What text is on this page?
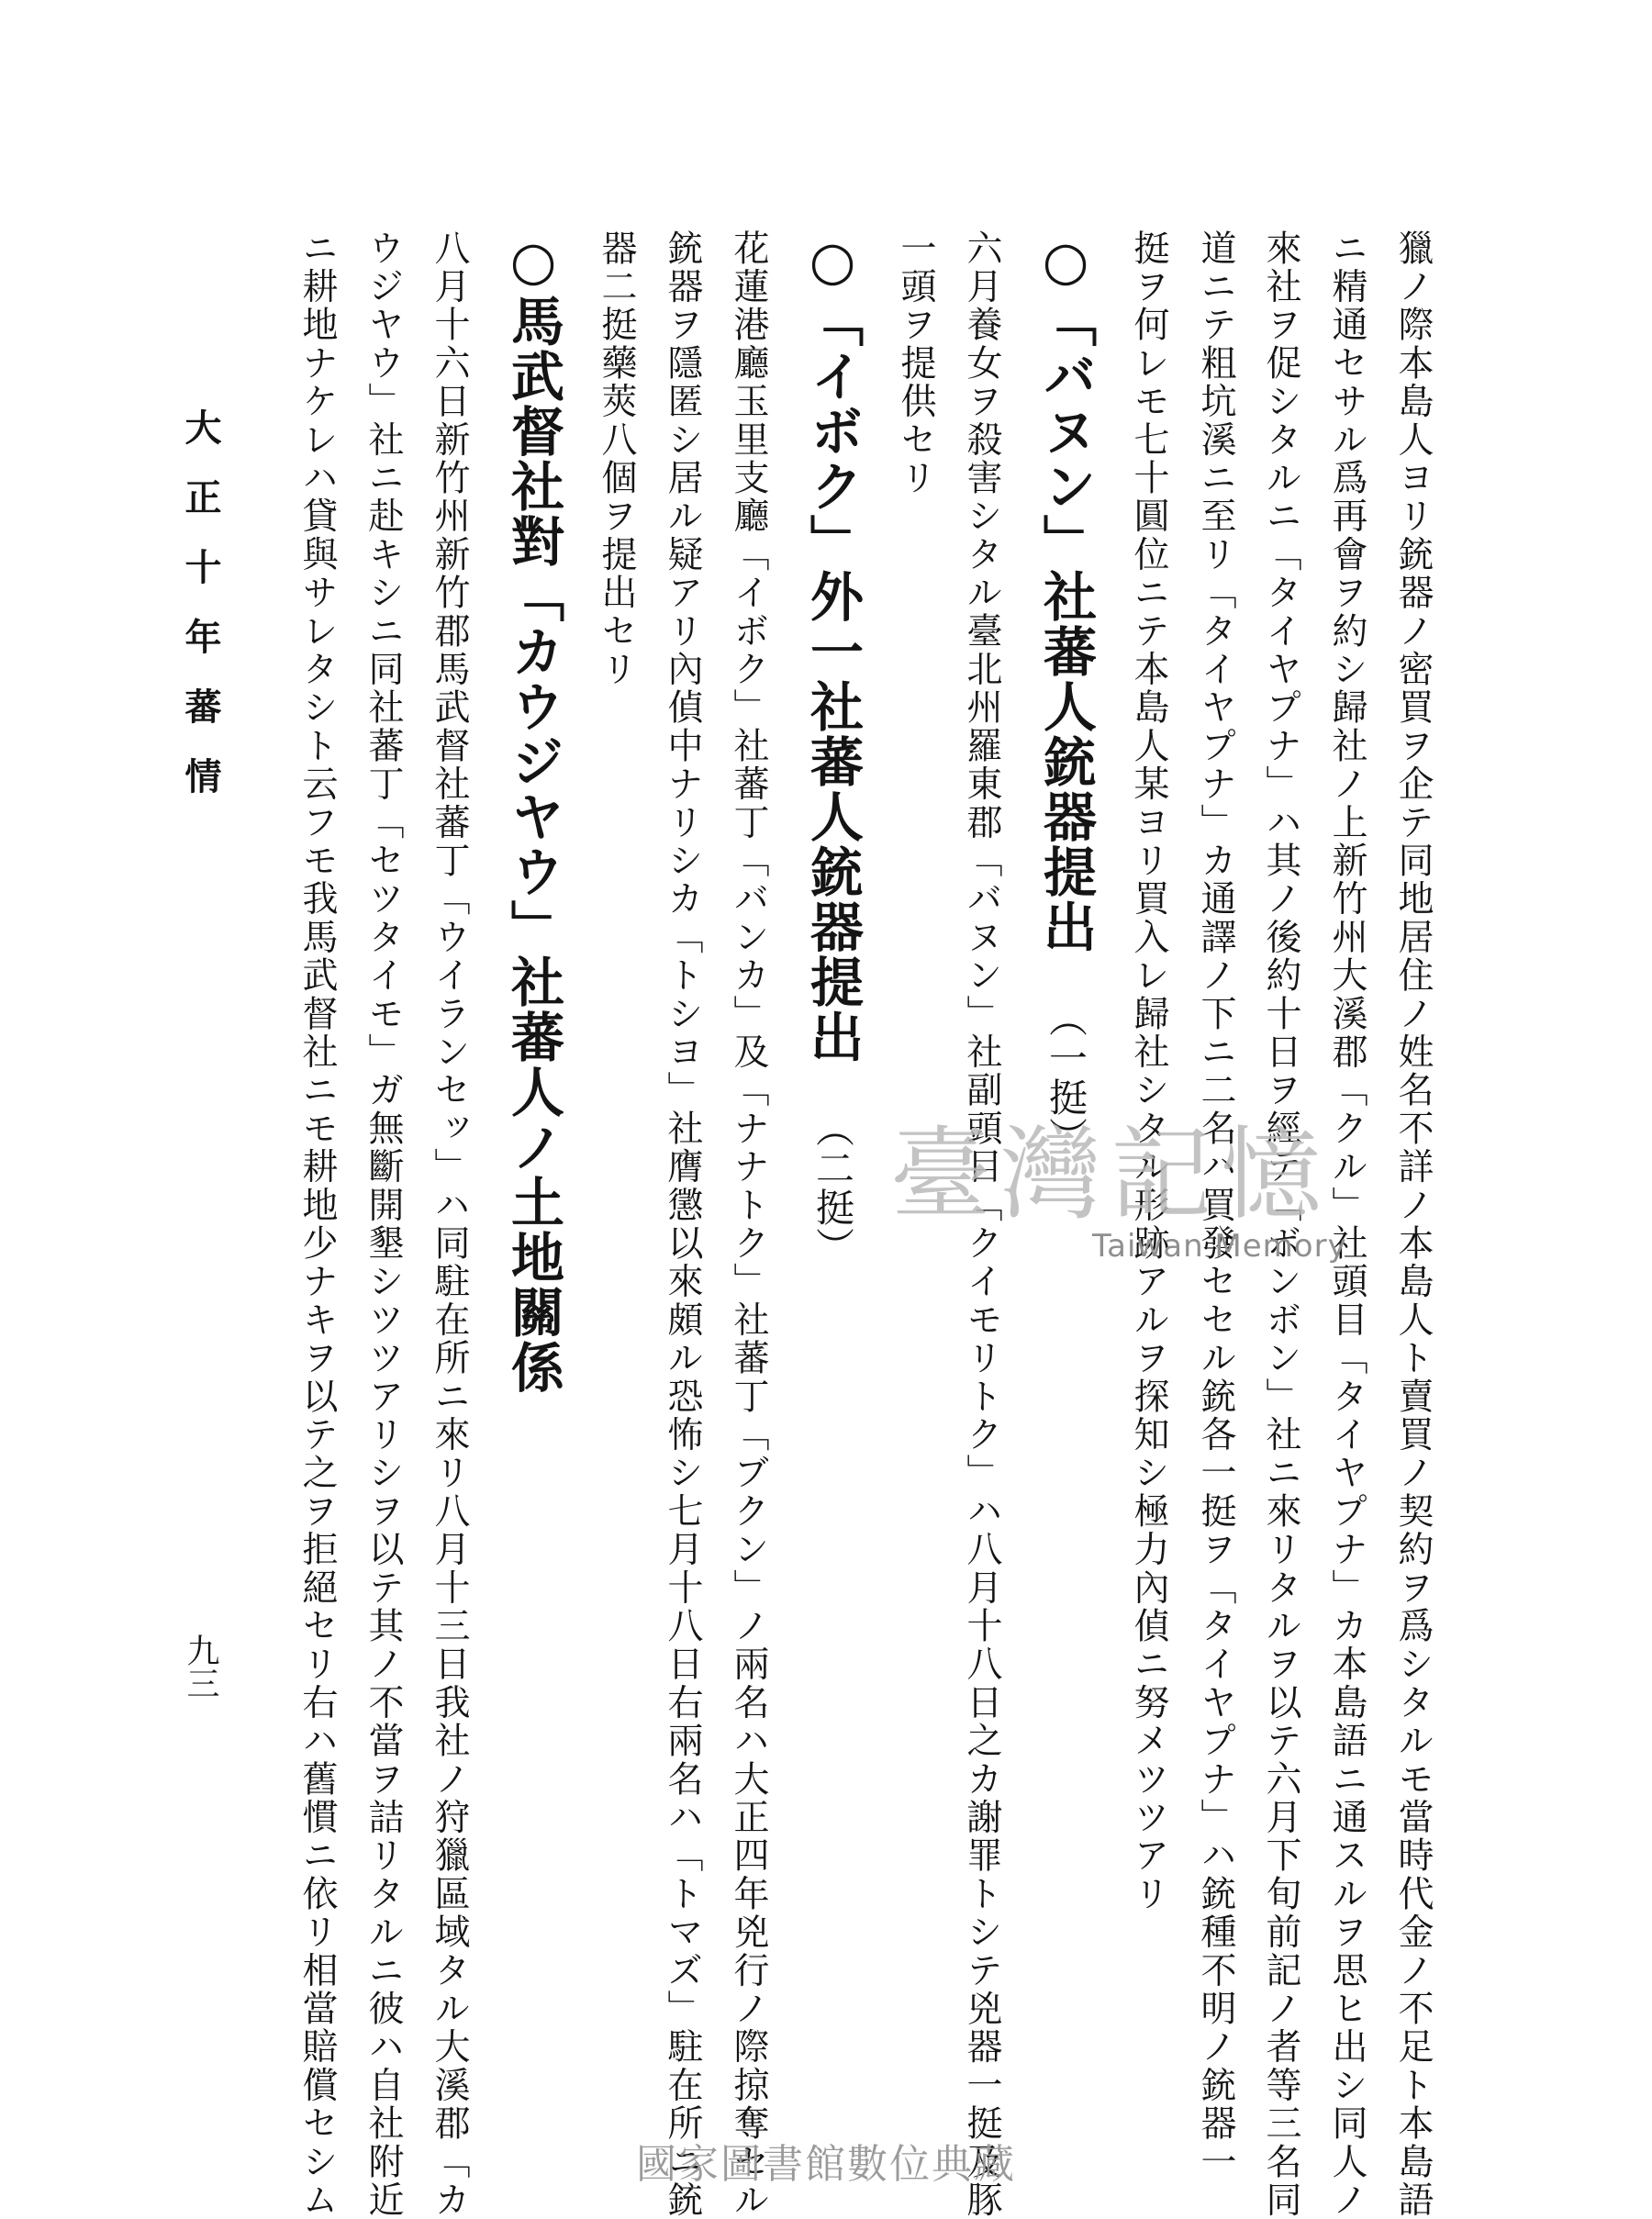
獵ノ際本島人ヨリ銃器ノ密買ヲ企テ同地居住ノ姓名不詳ノ本島人ト賣買ノ契約ヲ爲シタルモ當時代金ノ不足ト本島語
ニ精通セサル爲再會ヲ約シ歸社ノ上新竹州大溪郡「クル」社頭目「タイヤプナ」カ本島語ニ通スルヲ思ヒ出シ同人ノ
來社ヲ促シタルニ「タイヤプナ」ハ其ノ後約十日ヲ經テ「ボンボン」社ニ來リタルヲ以テ六月下旬前記ノ者等三名同
道ニテ粗坑溪ニ至リ「タイヤプナ」カ通譯ノ下ニ二名ハ買發セセル銃各一挺ヲ「タイヤプナ」ハ銃種不明ノ銃器一
挺ヲ何レモ七十圓位ニテ本島人某ヨリ買入レ歸社シタル形跡アルヲ探知シ極力內偵ニ努メツツアリ
○「バヌン」社蕃人銃器提出（一挺）
六月養女ヲ殺害シタル臺北州羅東郡「バヌン」社副頭目「クイモリトク」ハ八月十八日之カ謝罪トシテ兇器一挺及豚
一頭ヲ提供セリ
○「イボク」外一社蕃人銃器提出（二挺）
花蓮港廳玉里支廳「イボク」社蕃丁「バンカ」及「ナナトク」社蕃丁「ブクン」ノ兩名ハ大正四年兇行ノ際掠奪セル
銃器ヲ隱匿シ居ル疑アリ內偵中ナリシカ「トシヨ」社膺懲以來頗ル恐怖シ七月十八日右兩名ハ「トマズ」駐在所ニ銃
器二挺藥莢八個ヲ提出セリ
○馬武督社對「カウジヤウ」社蕃人ノ土地關係
八月十六日新竹州新竹郡馬武督社蕃丁「ウイランセッ」ハ同駐在所ニ來リ八月十三日我社ノ狩獵區域タル大溪郡「カ
ウジヤウ」社ニ赴キシニ同社蕃丁「セツタイモ」ガ無斷開墾シツツアリシヲ以テ其ノ不當ヲ詰リタルニ彼ハ自社附近
ニ耕地ナケレハ貸與サレタシト云フモ我馬武督社ニモ耕地少ナキヲ以テ之ヲ拒絕セリ右ハ舊慣ニ依リ相當賠償セシム
大正十年蕃情
九三
臺灣記憶
Taiwan Memory
國家圖書館數位典藏
